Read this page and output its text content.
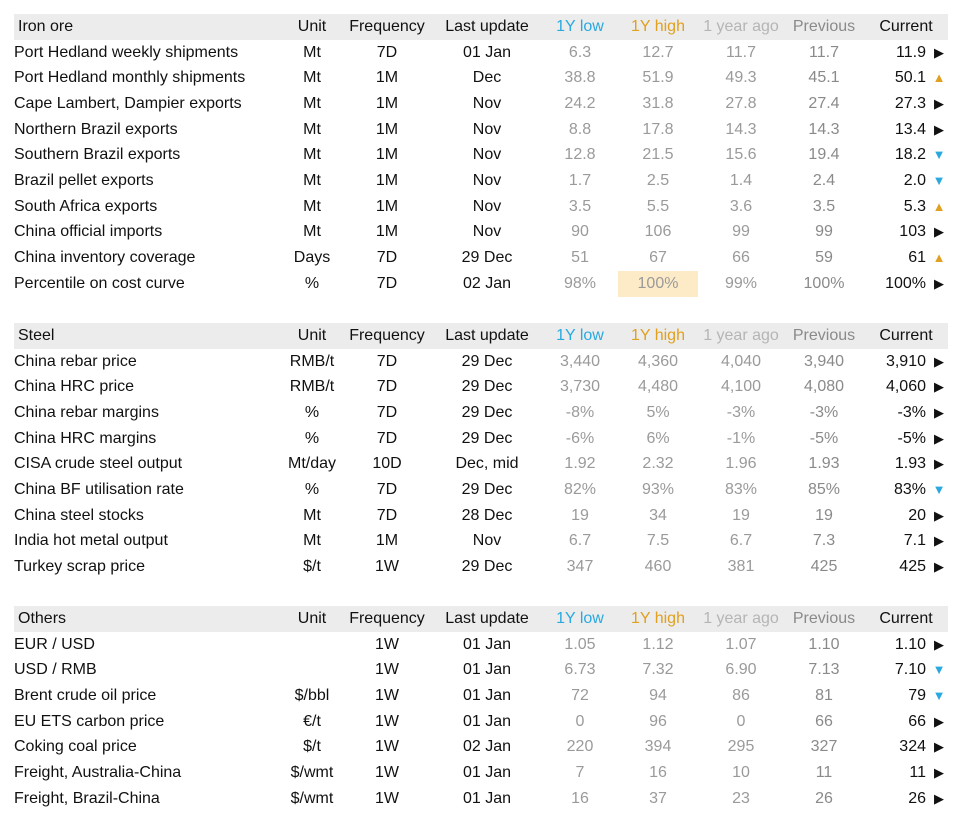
Iron ore	Unit	Frequency	Last update	1Y low	1Y high	1 year ago	Previous	Current
Port Hedland weekly shipments	Mt	7D	01 Jan	6.3	12.7	11.7	11.7	11.9 ▶
Port Hedland monthly shipments	Mt	1M	Dec	38.8	51.9	49.3	45.1	50.1 ▲
Cape Lambert, Dampier exports	Mt	1M	Nov	24.2	31.8	27.8	27.4	27.3 ▶
Northern Brazil exports	Mt	1M	Nov	8.8	17.8	14.3	14.3	13.4 ▶
Southern Brazil exports	Mt	1M	Nov	12.8	21.5	15.6	19.4	18.2 ▼
Brazil pellet exports	Mt	1M	Nov	1.7	2.5	1.4	2.4	2.0 ▼
South Africa exports	Mt	1M	Nov	3.5	5.5	3.6	3.5	5.3 ▲
China official imports	Mt	1M	Nov	90	106	99	99	103 ▶
China inventory coverage	Days	7D	29 Dec	51	67	66	59	61 ▲
Percentile on cost curve	%	7D	02 Jan	98%	100%	99%	100%	100% ▶
Steel	Unit	Frequency	Last update	1Y low	1Y high	1 year ago	Previous	Current
China rebar price	RMB/t	7D	29 Dec	3,440	4,360	4,040	3,940	3,910 ▶
China HRC price	RMB/t	7D	29 Dec	3,730	4,480	4,100	4,080	4,060 ▶
China rebar margins	%	7D	29 Dec	-8%	5%	-3%	-3%	-3% ▶
China HRC margins	%	7D	29 Dec	-6%	6%	-1%	-5%	-5% ▶
CISA crude steel output	Mt/day	10D	Dec, mid	1.92	2.32	1.96	1.93	1.93 ▶
China BF utilisation rate	%	7D	29 Dec	82%	93%	83%	85%	83% ▼
China steel stocks	Mt	7D	28 Dec	19	34	19	19	20 ▶
India hot metal output	Mt	1M	Nov	6.7	7.5	6.7	7.3	7.1 ▶
Turkey scrap price	$/t	1W	29 Dec	347	460	381	425	425 ▶
Others	Unit	Frequency	Last update	1Y low	1Y high	1 year ago	Previous	Current
EUR / USD		1W	01 Jan	1.05	1.12	1.07	1.10	1.10 ▶
USD / RMB		1W	01 Jan	6.73	7.32	6.90	7.13	7.10 ▼
Brent crude oil price	$/bbl	1W	01 Jan	72	94	86	81	79 ▼
EU ETS carbon price	€/t	1W	01 Jan	0	96	0	66	66 ▶
Coking coal price	$/t	1W	02 Jan	220	394	295	327	324 ▶
Freight, Australia-China	$/wmt	1W	01 Jan	7	16	10	11	11 ▶
Freight, Brazil-China	$/wmt	1W	01 Jan	16	37	23	26	26 ▶
